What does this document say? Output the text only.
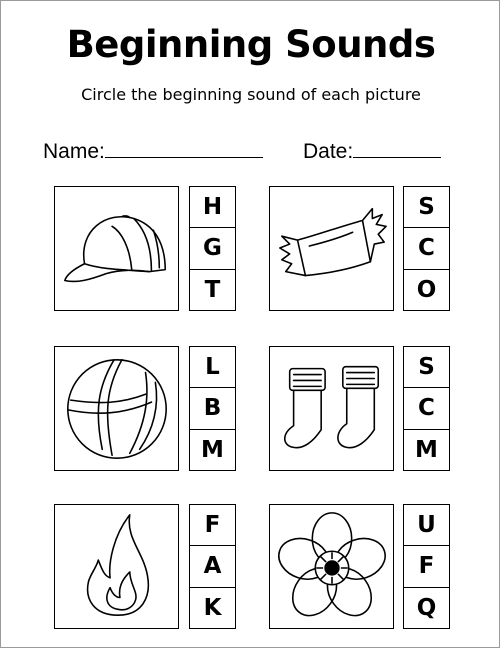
Beginning Sounds
Circle the beginning sound of each picture
Name:	Date:
H
G
T
S
C
O
L
B
M
S
C
M
F
A
K
U
F
Q
